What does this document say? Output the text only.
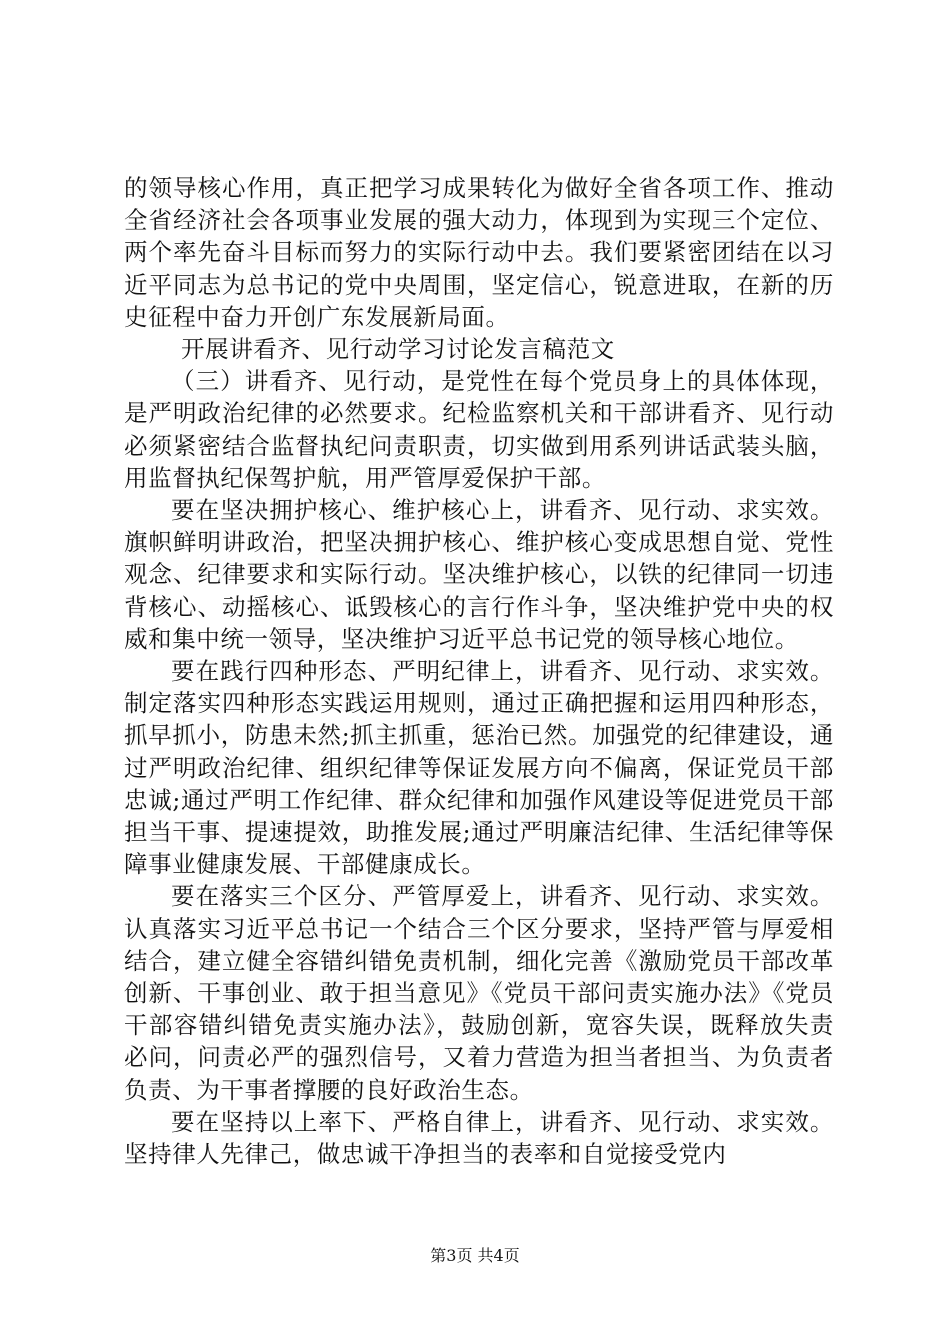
的领导核心作用，真正把学习成果转化为做好全省各项工作、推动全省经济社会各项事业发展的强大动力，体现到为实现三个定位、两个率先奋斗目标而努力的实际行动中去。我们要紧密团结在以习近平同志为总书记的党中央周围，坚定信心，锐意进取，在新的历史征程中奋力开创广东发展新局面。

开展讲看齐、见行动学习讨论发言稿范文

（三）讲看齐、见行动，是党性在每个党员身上的具体体现，是严明政治纪律的必然要求。纪检监察机关和干部讲看齐、见行动必须紧密结合监督执纪问责职责，切实做到用系列讲话武装头脑，用监督执纪保驾护航，用严管厚爱保护干部。

要在坚决拥护核心、维护核心上，讲看齐、见行动、求实效。旗帜鲜明讲政治，把坚决拥护核心、维护核心变成思想自觉、党性观念、纪律要求和实际行动。坚决维护核心，以铁的纪律同一切违背核心、动摇核心、诋毁核心的言行作斗争，坚决维护党中央的权威和集中统一领导，坚决维护习近平总书记党的领导核心地位。

要在践行四种形态、严明纪律上，讲看齐、见行动、求实效。制定落实四种形态实践运用规则，通过正确把握和运用四种形态，抓早抓小，防患未然;抓主抓重，惩治已然。加强党的纪律建设，通过严明政治纪律、组织纪律等保证发展方向不偏离，保证党员干部忠诚;通过严明工作纪律、群众纪律和加强作风建设等促进党员干部担当干事、提速提效，助推发展;通过严明廉洁纪律、生活纪律等保障事业健康发展、干部健康成长。

要在落实三个区分、严管厚爱上，讲看齐、见行动、求实效。认真落实习近平总书记一个结合三个区分要求，坚持严管与厚爱相结合，建立健全容错纠错免责机制，细化完善《激励党员干部改革创新、干事创业、敢于担当意见》《党员干部问责实施办法》《党员干部容错纠错免责实施办法》，鼓励创新，宽容失误，既释放失责必问，问责必严的强烈信号，又着力营造为担当者担当、为负责者负责、为干事者撑腰的良好政治生态。

要在坚持以上率下、严格自律上，讲看齐、见行动、求实效。坚持律人先律己，做忠诚干净担当的表率和自觉接受党内

第3页 共4页
